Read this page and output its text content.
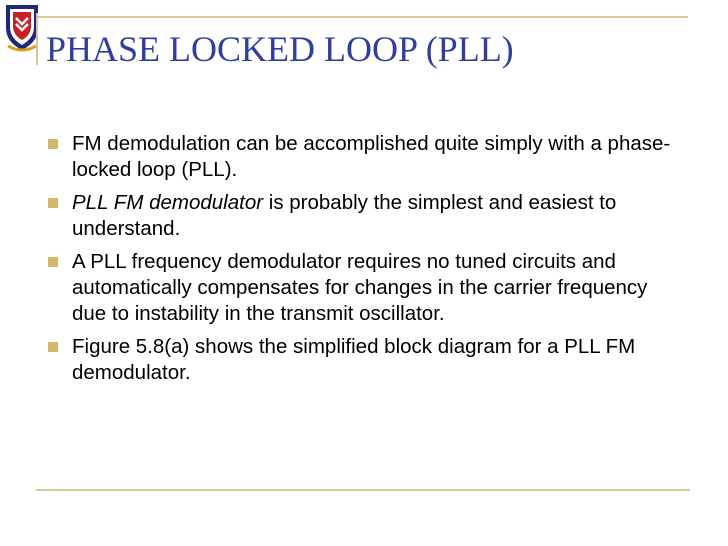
PHASE LOCKED LOOP (PLL)
FM demodulation can be accomplished quite simply with a phase-locked loop (PLL).
PLL FM demodulator is probably the simplest and easiest to understand.
A PLL frequency demodulator requires no tuned circuits and automatically compensates for changes in the carrier frequency due to instability in the transmit oscillator.
Figure 5.8(a) shows the simplified block diagram for a PLL FM demodulator.
